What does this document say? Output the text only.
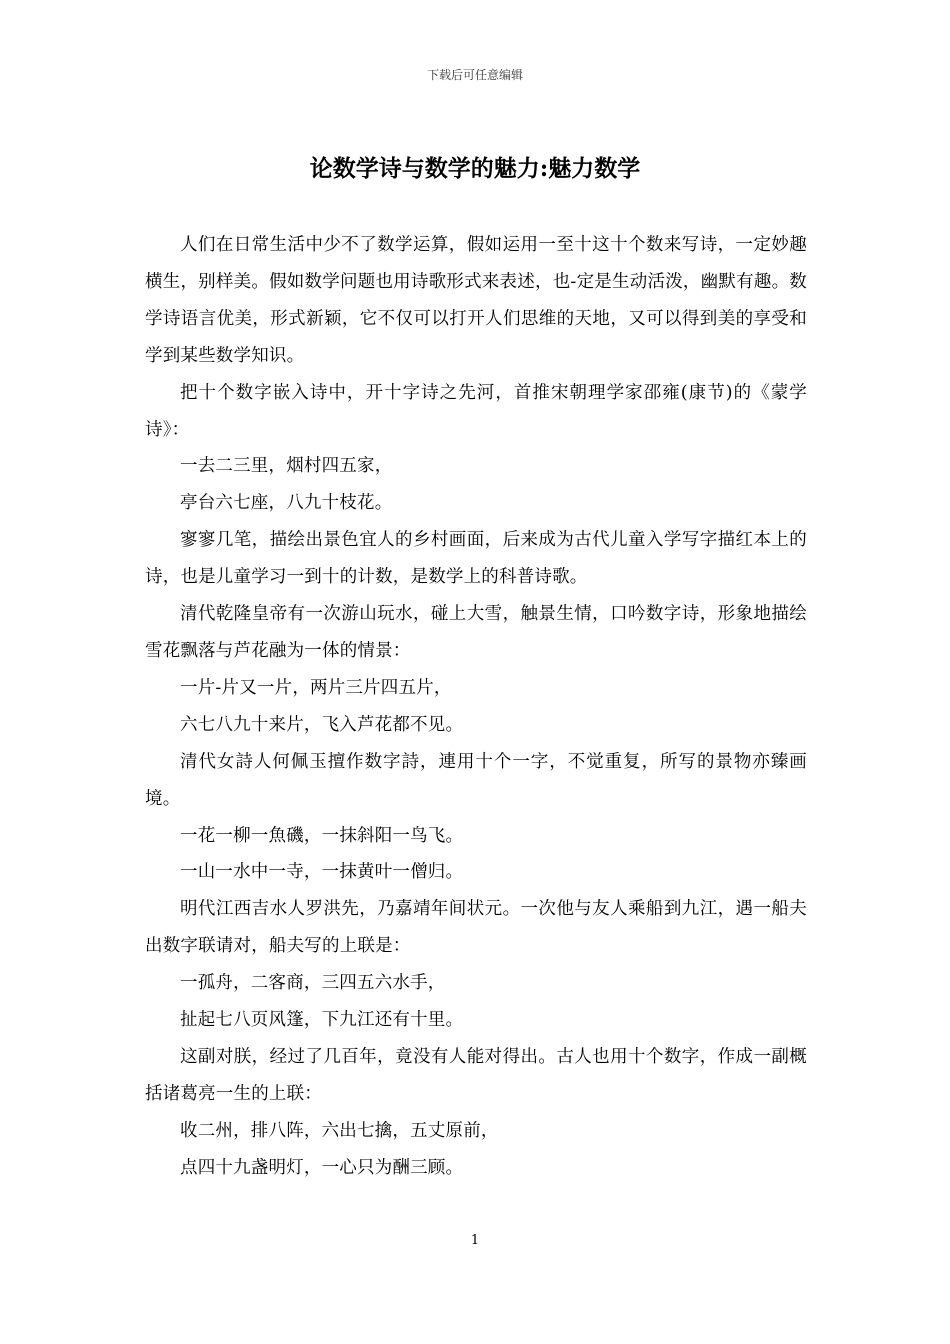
下载后可任意编辑
论数学诗与数学的魅力:魅力数学

人们在日常生活中少不了数学运算，假如运用一至十这十个数来写诗，一定妙趣横生，别样美。假如数学问题也用诗歌形式来表述，也-定是生动活泼，幽默有趣。数学诗语言优美，形式新颖，它不仅可以打开人们思维的天地，又可以得到美的享受和学到某些数学知识。

把十个数字嵌入诗中，开十字诗之先河，首推宋朝理学家邵雍(康节)的《蒙学诗》：

一去二三里，烟村四五家，

亭台六七座，八九十枝花。

寥寥几笔，描绘出景色宜人的乡村画面，后来成为古代儿童入学写字描红本上的诗，也是儿童学习一到十的计数，是数学上的科普诗歌。

清代乾隆皇帝有一次游山玩水，碰上大雪，触景生情，口吟数字诗，形象地描绘雪花飘落与芦花融为一体的情景：

一片-片又一片，两片三片四五片，

六七八九十来片，飞入芦花都不见。

清代女詩人何佩玉擅作数字詩，連用十个一字，不觉重复，所写的景物亦臻画境。

一花一柳一魚磯，一抹斜阳一鸟飞。

一山一水中一寺，一抹黄叶一僧归。

明代江西吉水人罗洪先，乃嘉靖年间状元。一次他与友人乘船到九江，遇一船夫出数字联请对，船夫写的上联是：

一孤舟，二客商，三四五六水手，

扯起七八页风篷，下九江还有十里。

这副对朕，经过了几百年，竟没有人能对得出。古人也用十个数字，作成一副概括诸葛亮一生的上联：

收二州，排八阵，六出七擒，五丈原前，

点四十九盏明灯，一心只为酬三顾。

1
